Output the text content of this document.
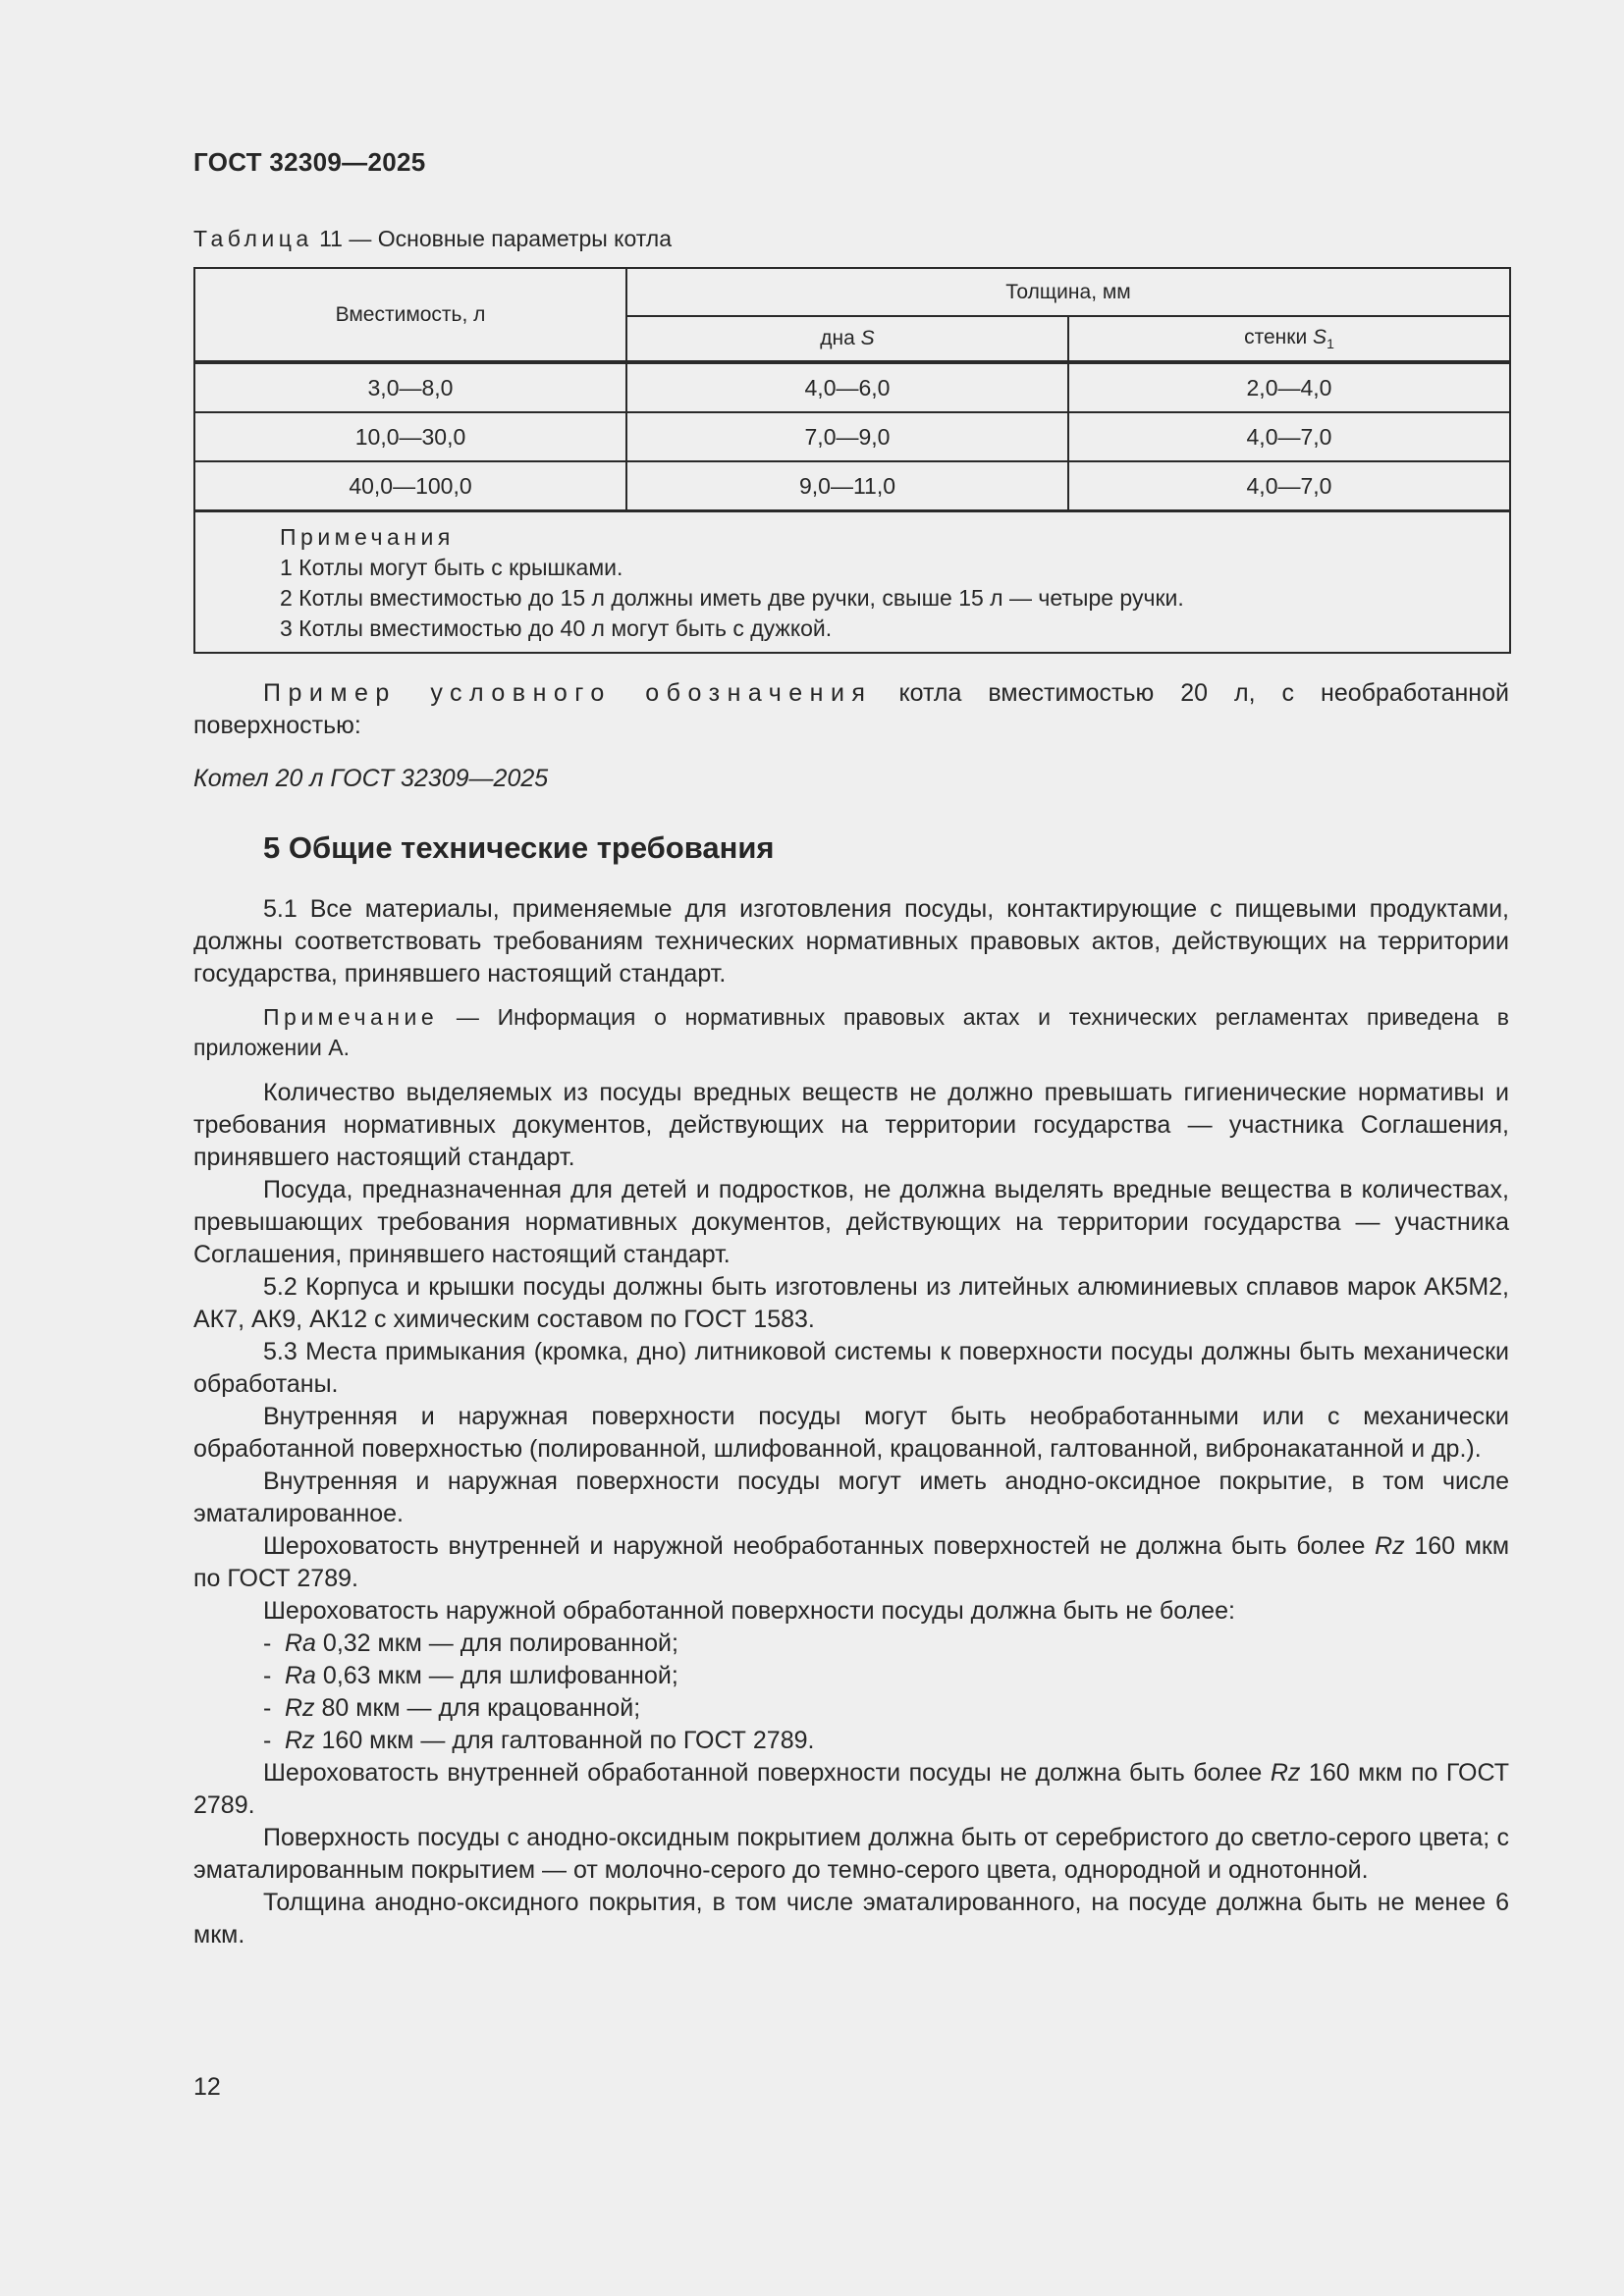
ГОСТ 32309—2025
Таблица 11 — Основные параметры котла
Вместимость, л	Толщина, мм	
	дна S	стенки $S_1$
3,0—8,0	4,0—6,0	2,0—4,0
10,0—30,0	7,0—9,0	4,0—7,0
40,0—100,0	9,0—11,0	4,0—7,0

Примечания
1 Котлы могут быть с крышками.
2 Котлы вместимостью до 15 л должны иметь две ручки, свыше 15 л — четыре ручки.
3 Котлы вместимостью до 40 л могут быть с дужкой.		

Пример условного обозначения котла вместимостью 20 л, с необработанной поверхностью:

Котел 20 л ГОСТ 32309—2025

5 Общие технические требования

5.1 Все материалы, применяемые для изготовления посуды, контактирующие с пищевыми продуктами, должны соответствовать требованиям технических нормативных правовых актов, действующих на территории государства, принявшего настоящий стандарт.

Примечание — Информация о нормативных правовых актах и технических регламентах приведена в приложении А.

Количество выделяемых из посуды вредных веществ не должно превышать гигиенические нормативы и требования нормативных документов, действующих на территории государства — участника Соглашения, принявшего настоящий стандарт.

Посуда, предназначенная для детей и подростков, не должна выделять вредные вещества в количествах, превышающих требования нормативных документов, действующих на территории государства — участника Соглашения, принявшего настоящий стандарт.

5.2 Корпуса и крышки посуды должны быть изготовлены из литейных алюминиевых сплавов марок АК5М2, АК7, АК9, АК12 с химическим составом по ГОСТ 1583.

5.3 Места примыкания (кромка, дно) литниковой системы к поверхности посуды должны быть механически обработаны.

Внутренняя и наружная поверхности посуды могут быть необработанными или с механически обработанной поверхностью (полированной, шлифованной, крацованной, галтованной, вибронакатанной и др.).

Внутренняя и наружная поверхности посуды могут иметь анодно-оксидное покрытие, в том числе эматалированное.

Шероховатость внутренней и наружной необработанных поверхностей не должна быть более Rz 160 мкм по ГОСТ 2789.

Шероховатость наружной обработанной поверхности посуды должна быть не более:

- Ra 0,32 мкм — для полированной;
- Ra 0,63 мкм — для шлифованной;
- Rz 80 мкм — для крацованной;
- Rz 160 мкм — для галтованной по ГОСТ 2789.

Шероховатость внутренней обработанной поверхности посуды не должна быть более Rz 160 мкм по ГОСТ 2789.

Поверхность посуды с анодно-оксидным покрытием должна быть от серебристого до светло-серого цвета; с эматалированным покрытием — от молочно-серого до темно-серого цвета, однородной и однотонной.

Толщина анодно-оксидного покрытия, в том числе эматалированного, на посуде должна быть не менее 6 мкм.

12
